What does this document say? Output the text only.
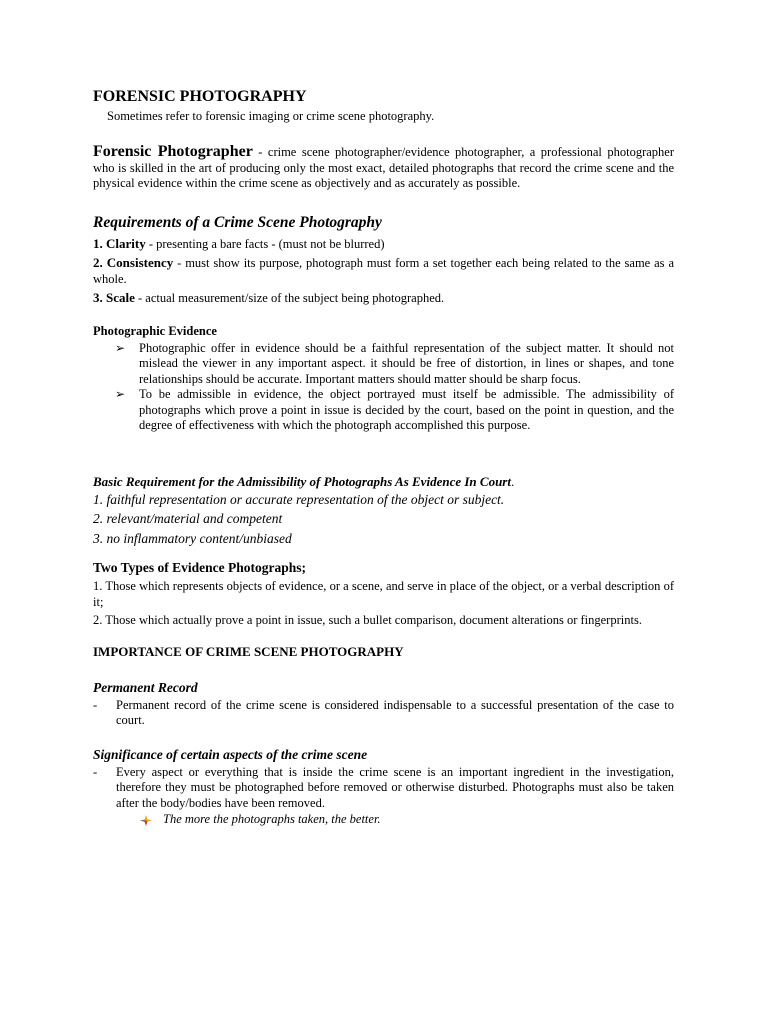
FORENSIC PHOTOGRAPHY

Sometimes refer to forensic imaging or crime scene photography.

Forensic Photographer - crime scene photographer/evidence photographer, a professional photographer who is skilled in the art of producing only the most exact, detailed photographs that record the crime scene and the physical evidence within the crime scene as objectively and as accurately as possible.

Requirements of a Crime Scene Photography

1. Clarity - presenting a bare facts - (must not be blurred)

2. Consistency - must show its purpose, photograph must form a set together each being related to the same as a whole.

3. Scale - actual measurement/size of the subject being photographed.

Photographic Evidence

➢ Photographic offer in evidence should be a faithful representation of the subject matter. It should not mislead the viewer in any important aspect. it should be free of distortion, in lines or shapes, and tone relationships should be accurate. Important matters should matter should be sharp focus.
➢ To be admissible in evidence, the object portrayed must itself be admissible. The admissibility of photographs which prove a point in issue is decided by the court, based on the point in question, and the degree of effectiveness with which the photograph accomplished this purpose.

Basic Requirement for the Admissibility of Photographs As Evidence In Court.

1. faithful representation or accurate representation of the object or subject.

2. relevant/material and competent

3. no inflammatory content/unbiased

Two Types of Evidence Photographs;

1. Those which represents objects of evidence, or a scene, and serve in place of the object, or a verbal description of it;

2. Those which actually prove a point in issue, such a bullet comparison, document alterations or fingerprints.

IMPORTANCE OF CRIME SCENE PHOTOGRAPHY

Permanent Record

- Permanent record of the crime scene is considered indispensable to a successful presentation of the case to court.

Significance of certain aspects of the crime scene

- Every aspect or everything that is inside the crime scene is an important ingredient in the investigation, therefore they must be photographed before removed or otherwise disturbed. Photographs must also be taken after the body/bodies have been removed.
The more the photographs taken, the better.
